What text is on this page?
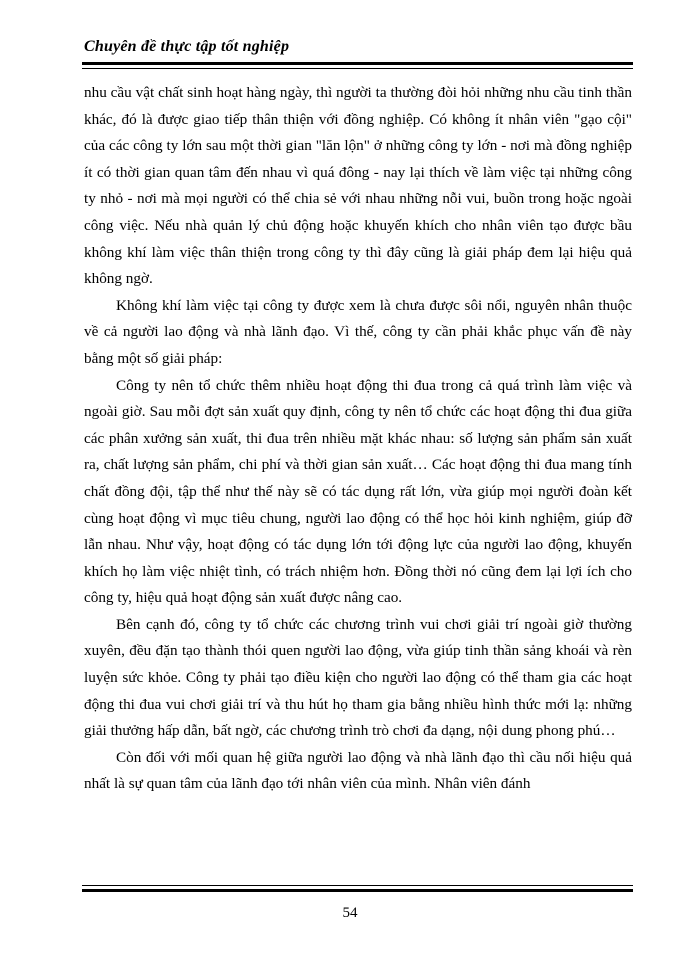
Chuyên đề thực tập tốt nghiệp

nhu cầu vật chất sinh hoạt hàng ngày, thì người ta thường đòi hỏi những nhu cầu tinh thần khác, đó là được giao tiếp thân thiện với đồng nghiệp. Có không ít nhân viên "gạo cội" của các công ty lớn sau một thời gian "lăn lộn" ở những công ty lớn - nơi mà đồng nghiệp ít có thời gian quan tâm đến nhau vì quá đông - nay lại thích về làm việc tại những công ty nhỏ - nơi mà mọi người có thể chia sẻ với nhau những nỗi vui, buồn trong hoặc ngoài công việc. Nếu nhà quản lý chủ động hoặc khuyến khích cho nhân viên tạo được bầu không khí làm việc thân thiện trong công ty thì đây cũng là giải pháp đem lại hiệu quả không ngờ.

Không khí làm việc tại công ty được xem là chưa được sôi nổi, nguyên nhân thuộc về cả người lao động và nhà lãnh đạo. Vì thế, công ty cần phải khắc phục vấn đề này bằng một số giải pháp:

Công ty nên tổ chức thêm nhiều hoạt động thi đua trong cả quá trình làm việc và ngoài giờ. Sau mỗi đợt sản xuất quy định, công ty nên tổ chức các hoạt động thi đua giữa các phân xưởng sản xuất, thi đua trên nhiều mặt khác nhau: số lượng sản phẩm sản xuất ra, chất lượng sản phẩm, chi phí và thời gian sản xuất… Các hoạt động thi đua mang tính chất đồng đội, tập thể như thế này sẽ có tác dụng rất lớn, vừa giúp mọi người đoàn kết cùng hoạt động vì mục tiêu chung, người lao động có thể học hỏi kinh nghiệm, giúp đỡ lẫn nhau. Như vậy, hoạt động có tác dụng lớn tới động lực của người lao động, khuyến khích họ làm việc nhiệt tình, có trách nhiệm hơn. Đồng thời nó cũng đem lại lợi ích cho công ty, hiệu quả hoạt động sản xuất được nâng cao.

Bên cạnh đó, công ty tổ chức các chương trình vui chơi giải trí ngoài giờ thường xuyên, đều đặn tạo thành thói quen người lao động, vừa giúp tinh thần sảng khoái và rèn luyện sức khỏe. Công ty phải tạo điều kiện cho người lao động có thể tham gia các hoạt động thi đua vui chơi giải trí và thu hút họ tham gia bằng nhiều hình thức mới lạ: những giải thưởng hấp dẫn, bất ngờ, các chương trình trò chơi đa dạng, nội dung phong phú…

Còn đối với mối quan hệ giữa người lao động và nhà lãnh đạo thì cầu nối hiệu quả nhất là sự quan tâm của lãnh đạo tới nhân viên của mình. Nhân viên đánh

54
